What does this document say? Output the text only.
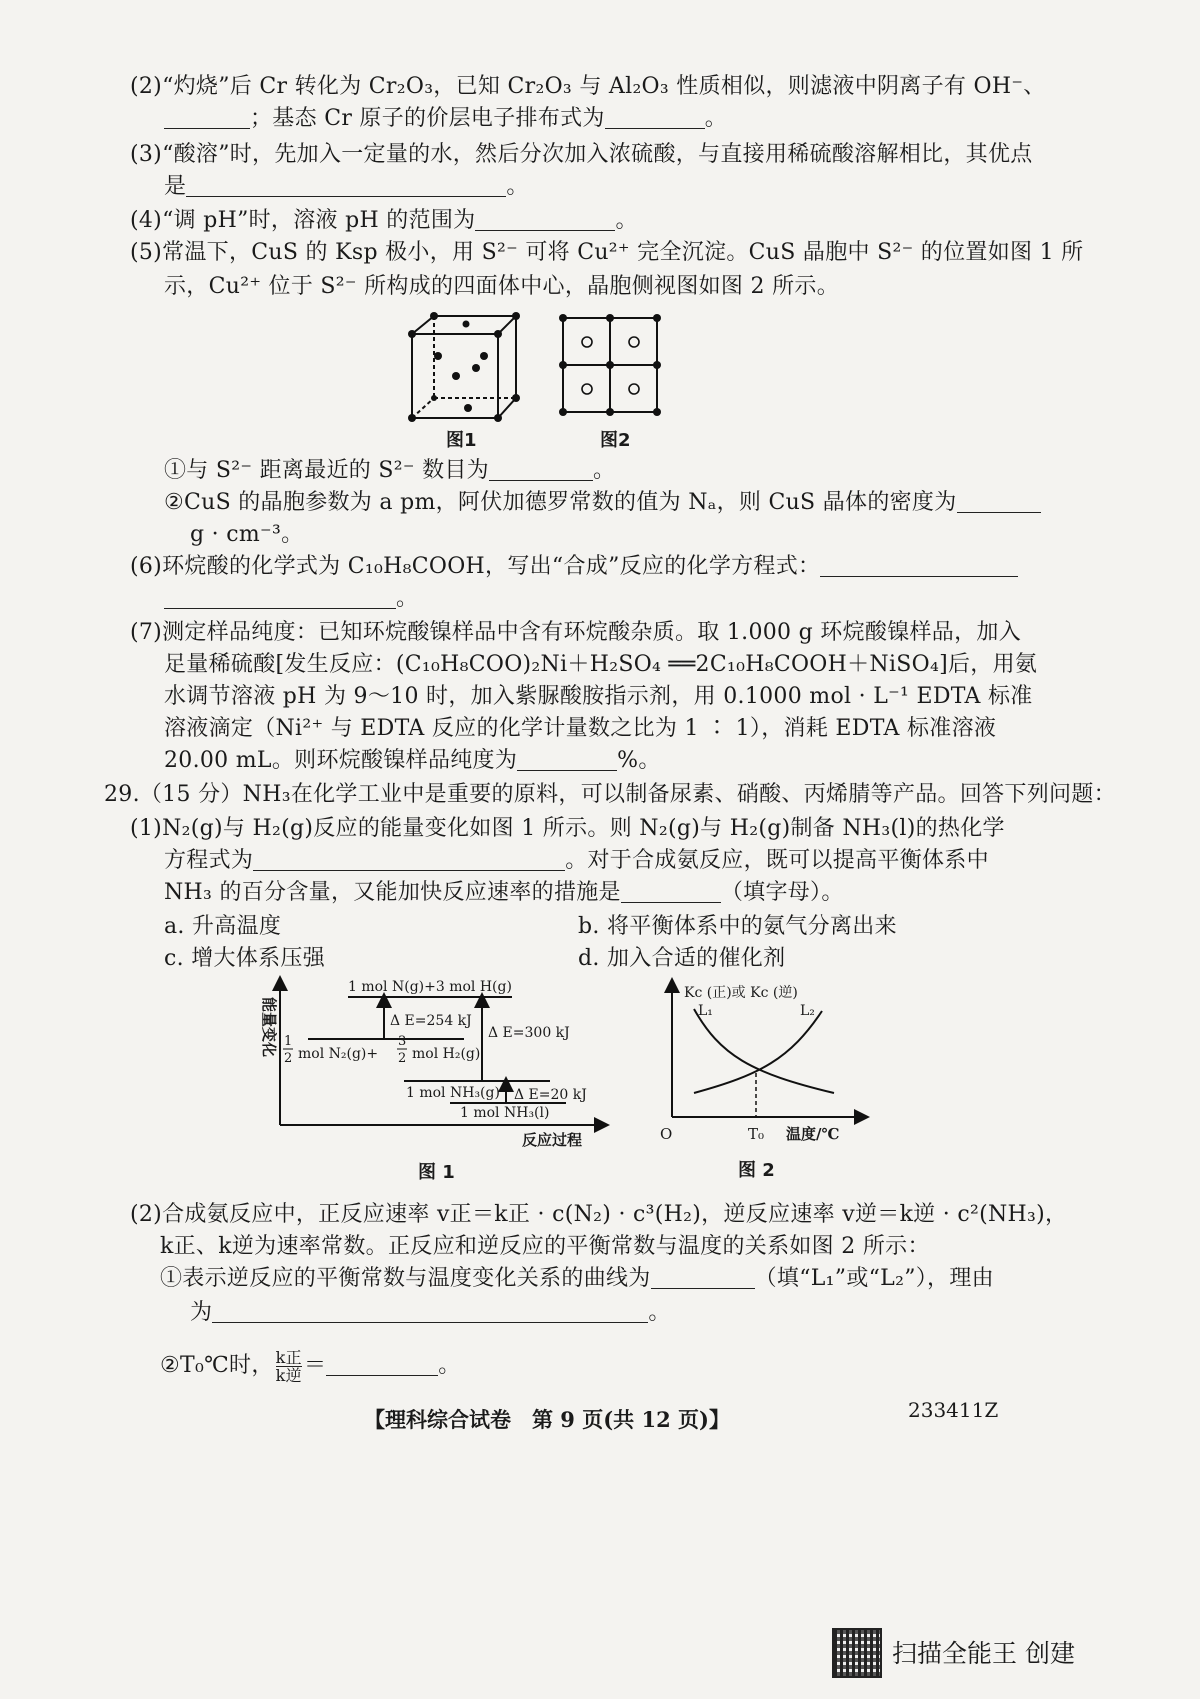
(2)“灼烧”后 Cr 转化为 Cr₂O₃，已知 Cr₂O₃ 与 Al₂O₃ 性质相似，则滤液中阴离子有 OH⁻、
；基态 Cr 原子的价层电子排布式为	。
(3)“酸溶”时，先加入一定量的水，然后分次加入浓硫酸，与直接用稀硫酸溶解相比，其优点
是	。
(4)“调 pH”时，溶液 pH 的范围为	。
(5)常温下，CuS 的 Ksp 极小，用 S²⁻ 可将 Cu²⁺ 完全沉淀。CuS 晶胞中 S²⁻ 的位置如图 1 所
示，Cu²⁺ 位于 S²⁻ 所构成的四面体中心，晶胞侧视图如图 2 所示。
图1	图2
①与 S²⁻ 距离最近的 S²⁻ 数目为	。
②CuS 的晶胞参数为 a pm，阿伏加德罗常数的值为 Nₐ，则 CuS 晶体的密度为
g · cm⁻³。
(6)环烷酸的化学式为 C₁₀H₈COOH，写出“合成”反应的化学方程式：
。
(7)测定样品纯度：已知环烷酸镍样品中含有环烷酸杂质。取 1.000 g 环烷酸镍样品，加入
足量稀硫酸[发生反应：(C₁₀H₈COO)₂Ni＋H₂SO₄ ══2C₁₀H₈COOH＋NiSO₄]后，用氨
水调节溶液 pH 为 9～10 时，加入紫脲酸胺指示剂，用 0.1000 mol · L⁻¹ EDTA 标准
溶液滴定（Ni²⁺ 与 EDTA 反应的化学计量数之比为 1 ∶ 1），消耗 EDTA 标准溶液
20.00 mL。则环烷酸镍样品纯度为	%。
29.（15 分）NH₃在化学工业中是重要的原料，可以制备尿素、硝酸、丙烯腈等产品。回答下列问题：
(1)N₂(g)与 H₂(g)反应的能量变化如图 1 所示。则 N₂(g)与 H₂(g)制备 NH₃(l)的热化学
方程式为	。对于合成氨反应，既可以提高平衡体系中
NH₃ 的百分含量，又能加快反应速率的措施是	（填字母）。
a. 升高温度	b. 将平衡体系中的氨气分离出来
c. 增大体系压强	d. 加入合适的催化剂
能量变化
1 mol N(g)+3 mol H(g)
Δ E=254 kJ
Δ E=300 kJ
1
2 mol N₂(g)+
3
2 mol H₂(g)
1 mol NH₃(g) Δ E=20 kJ
1 mol NH₃(l)
反应过程
图 1
Kc (正)或 Kc (逆)
L₁	L₂
O	T₀ 温度/℃
图 2
(2)合成氨反应中，正反应速率 v正＝k正 · c(N₂) · c³(H₂)，逆反应速率 v逆＝k逆 · c²(NH₃)，
k正、k逆为速率常数。正反应和逆反应的平衡常数与温度的关系如图 2 所示：
①表示逆反应的平衡常数与温度变化关系的曲线为	（填“L₁”或“L₂”），理由
为	。
②T₀℃时， $\frac{\text{k正}}{\text{k逆}}$ ＝	。
【理科综合试卷　第 9 页(共 12 页)】	233411Z
扫描全能王 创建
